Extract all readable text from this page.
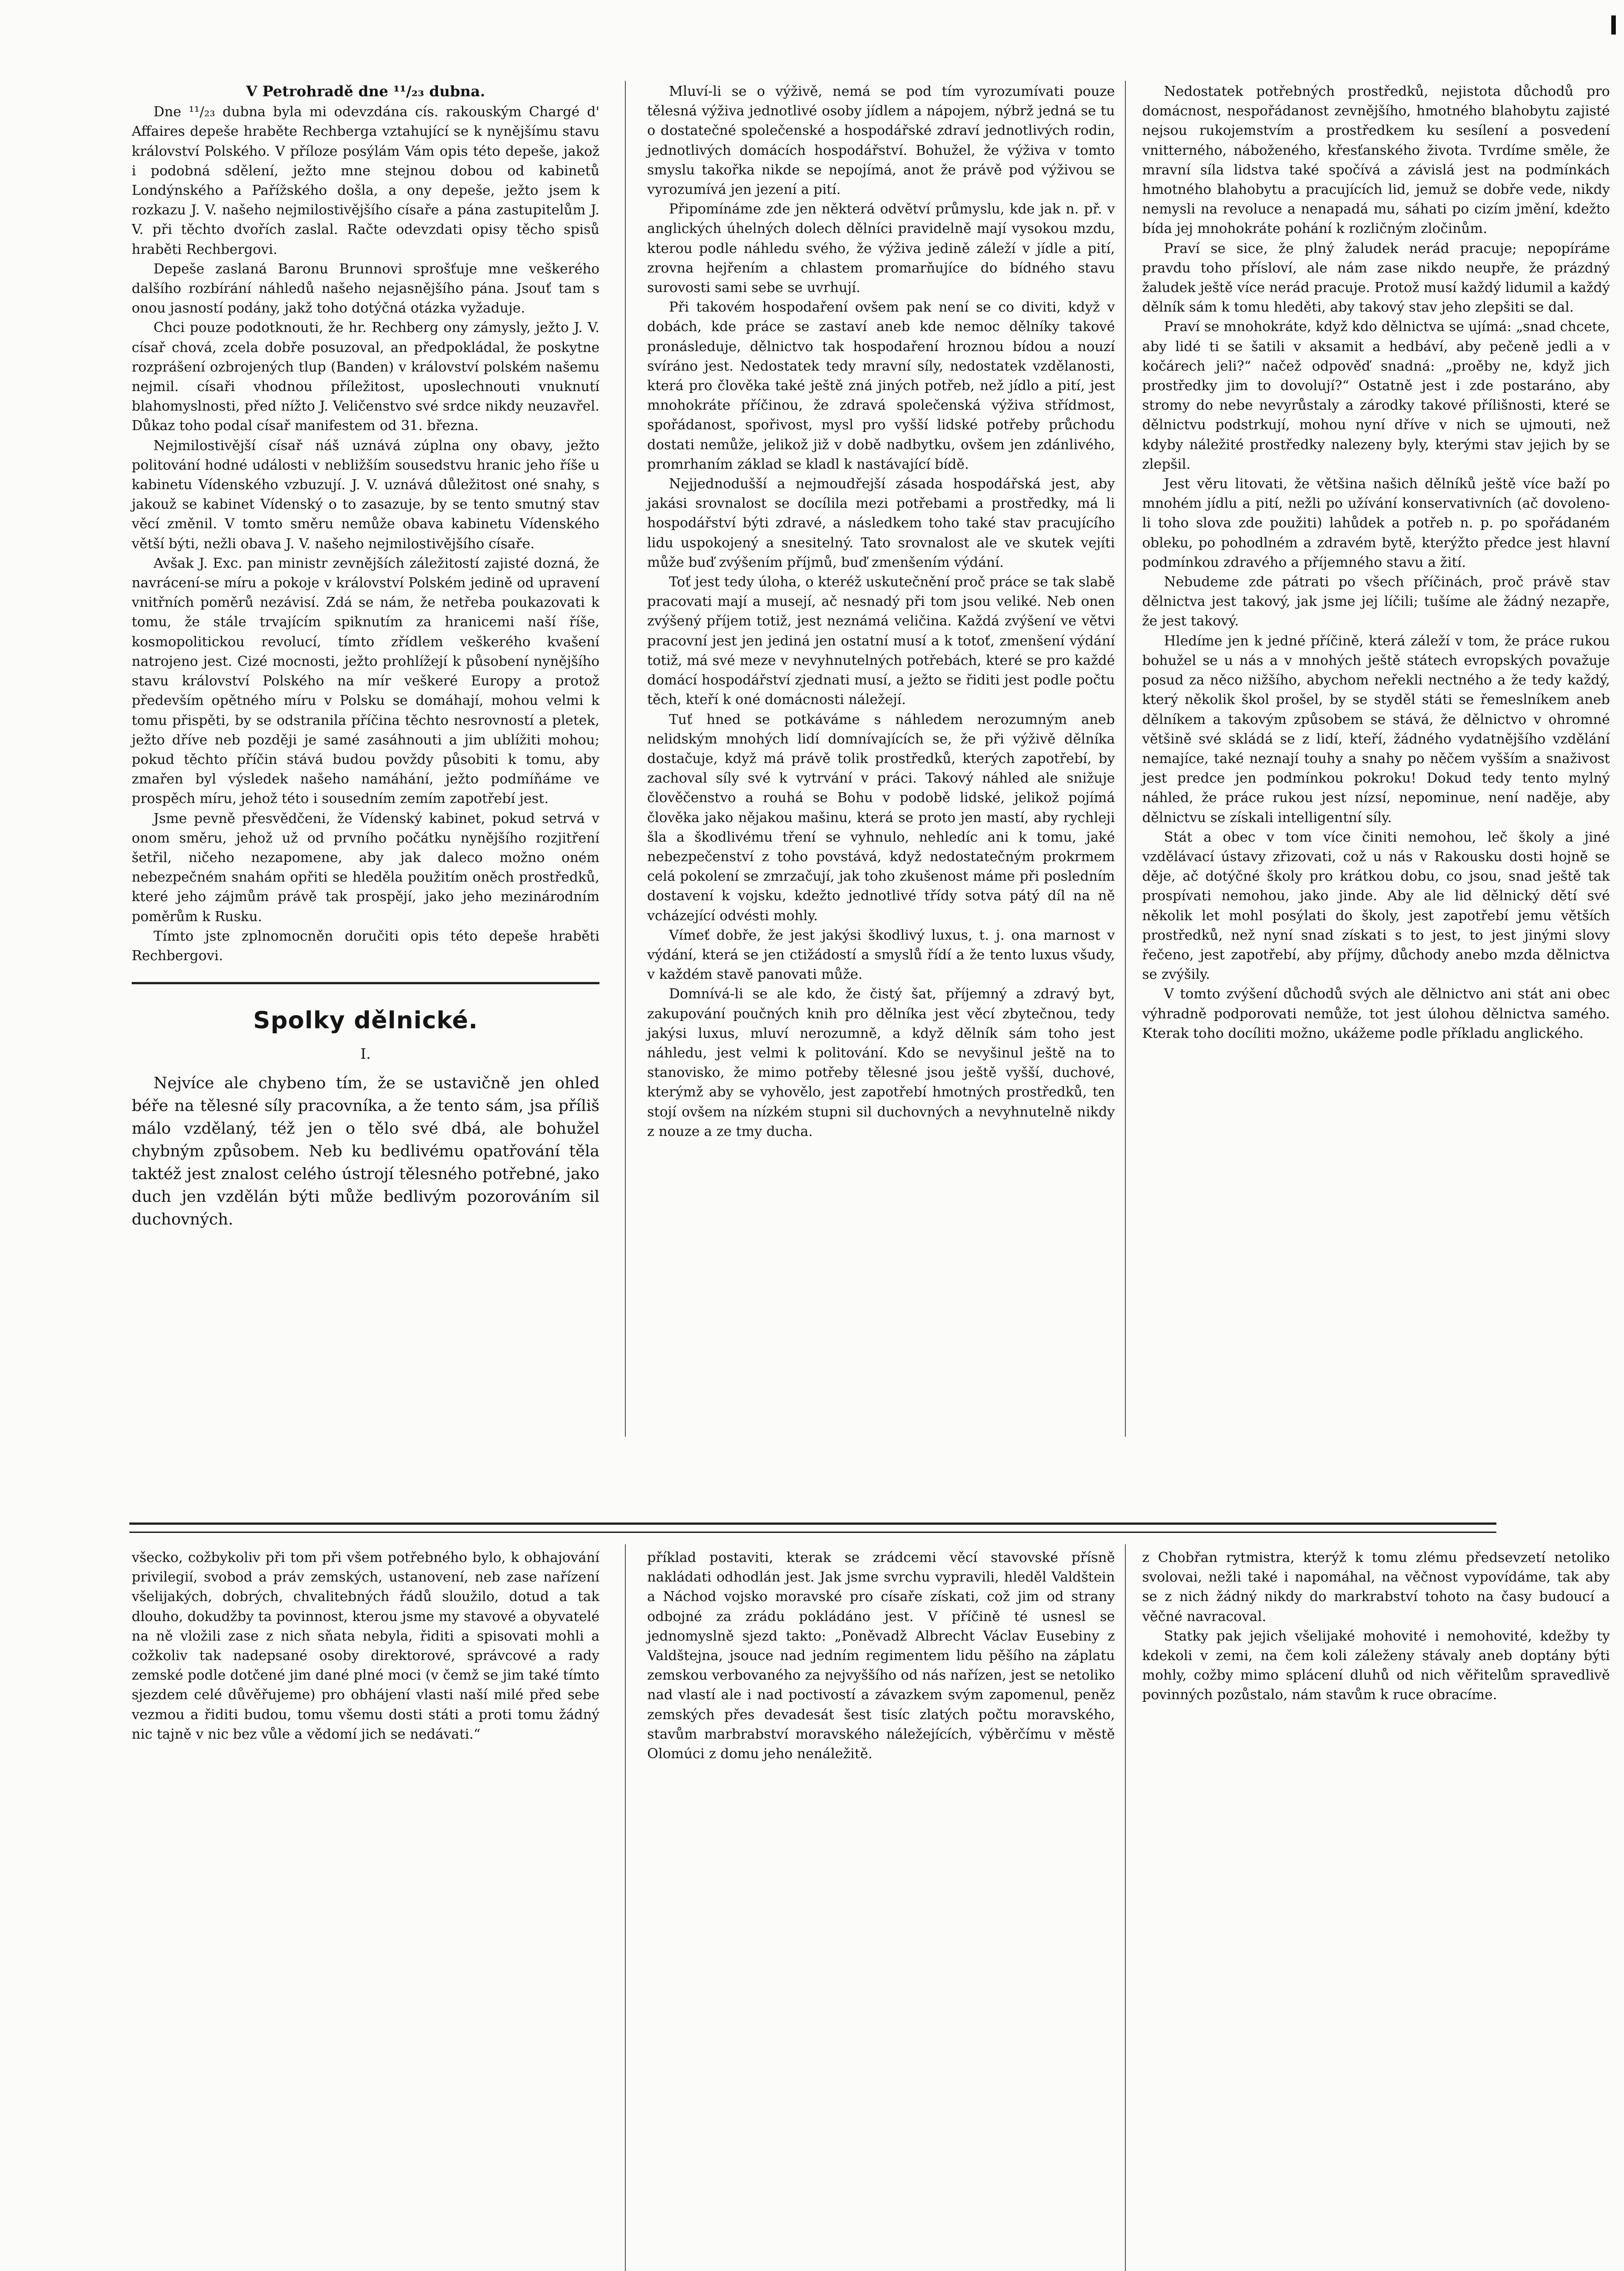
V Petrohradě dne ¹¹/₂₃ dubna.

Dne ¹¹/₂₃ dubna byla mi odevzdána cís. rakouským Chargé d' Affaires depeše hraběte Rechberga vztahující se k nynějšímu stavu království Polského. V příloze posýlám Vám opis této depeše, jakož i podobná sdělení, ježto mne stejnou dobou od kabinetů Londýnského a Pařížského došla, a ony depeše, ježto jsem k rozkazu J. V. našeho nejmilostivějšího císaře a pána zastupitelům J. V. při těchto dvořích zaslal. Račte odevzdati opisy těcho spisů hraběti Rechbergovi.

Depeše zaslaná Baronu Brunnovi sprošťuje mne veškerého dalšího rozbírání náhledů našeho nejasnějšího pána. Jsouť tam s onou jasností podány, jakž toho dotýčná otázka vyžaduje.

Chci pouze podotknouti, že hr. Rechberg ony zámysly, ježto J. V. císař chová, zcela dobře posuzoval, an předpokládal, že poskytne rozprášení ozbrojených tlup (Banden) v království polském našemu nejmil. císaři vhodnou příležitost, uposlechnouti vnuknutí blahomyslnosti, před nížto J. Veličenstvo své srdce nikdy neuzavřel. Důkaz toho podal císař manifestem od 31. března.

Nejmilostivější císař náš uznává zúplna ony obavy, ježto politování hodné události v nebližším sousedstvu hranic jeho říše u kabinetu Vídenského vzbuzují. J. V. uznává důležitost oné snahy, s jakouž se kabinet Vídenský o to zasazuje, by se tento smutný stav věcí změnil. V tomto směru nemůže obava kabinetu Vídenského větší býti, nežli obava J. V. našeho nejmilostivějšího císaře.

Avšak J. Exc. pan ministr zevnějších záležitostí zajisté dozná, že navrácení-se míru a pokoje v království Polském jedině od upravení vnitřních poměrů nezávisí. Zdá se nám, že netřeba poukazovati k tomu, že stále trvajícím spiknutím za hranicemi naší říše, kosmopolitickou revolucí, tímto zřídlem veškerého kvašení natrojeno jest. Cizé mocnosti, ježto prohlížejí k působení nynějšího stavu království Polského na mír veškeré Europy a protož především opětného míru v Polsku se domáhají, mohou velmi k tomu přispěti, by se odstranila příčina těchto nesrovností a pletek, ježto dříve neb později je samé zasáhnouti a jim ublížiti mohou; pokud těchto příčin stává budou povždy působiti k tomu, aby zmařen byl výsledek našeho namáhání, ježto podmíňáme ve prospěch míru, jehož této i sousedním zemím zapotřebí jest.

Jsme pevně přesvědčeni, že Vídenský kabinet, pokud setrvá v onom směru, jehož už od prvního počátku nynějšího rozjitření šetřil, ničeho nezapomene, aby jak daleco možno oném nebezpečném snahám opřiti se hleděla použitím oněch prostředků, které jeho zájmům právě tak prospějí, jako jeho mezinárodním poměrům k Rusku.

Tímto jste zplnomocněn doručiti opis této depeše hraběti Rechbergovi.

Spolky dělnické.
I.

Nejvíce ale chybeno tím, že se ustavičně jen ohled béře na tělesné síly pracovníka, a že tento sám, jsa příliš málo vzdělaný, též jen o tělo své dbá, ale bohužel chybným způsobem. Neb ku bedlivému opatřování těla taktéž jest znalost celého ústrojí tělesného potřebné, jako duch jen vzdělán býti může bedlivým pozorováním sil duchovných.

Mluví-li se o výživě, nemá se pod tím vyrozumívati pouze tělesná výživa jednotlivé osoby jídlem a nápojem, nýbrž jedná se tu o dostatečné společenské a hospodářské zdraví jednotlivých rodin, jednotlivých domácích hospodářství. Bohužel, že výživa v tomto smyslu takořka nikde se nepojímá, anot že právě pod výživou se vyrozumívá jen jezení a pití.

Připomínáme zde jen některá odvětví průmyslu, kde jak n. př. v anglických úhelných dolech dělníci pravidelně mají vysokou mzdu, kterou podle náhledu svého, že výživa jedině záleží v jídle a pití, zrovna hejřením a chlastem promarňujíce do bídného stavu surovosti sami sebe se uvrhují.

Při takovém hospodaření ovšem pak není se co diviti, když v dobách, kde práce se zastaví aneb kde nemoc dělníky takové pronásleduje, dělnictvo tak hospodaření hroznou bídou a nouzí svíráno jest. Nedostatek tedy mravní síly, nedostatek vzdělanosti, která pro člověka také ještě zná jiných potřeb, než jídlo a pití, jest mnohokráte příčinou, že zdravá společenská výživa střídmost, spořádanost, spořivost, mysl pro vyšší lidské potřeby průchodu dostati nemůže, jelikož již v době nadbytku, ovšem jen zdánlivého, promrhaním základ se kladl k nastávající bídě.

Nejjednodušší a nejmoudřejší zásada hospodářská jest, aby jakási srovnalost se docílila mezi potřebami a prostředky, má li hospodářství býti zdravé, a následkem toho také stav pracujícího lidu uspokojený a snesitelný. Tato srovnalost ale ve skutek vejíti může buď zvýšením příjmů, buď zmenšením výdání.

Toť jest tedy úloha, o kteréž uskutečnění proč práce se tak slabě pracovati mají a musejí, ač nesnadý při tom jsou veliké. Neb onen zvýšený příjem totiž, jest neznámá veličina. Každá zvýšení ve větvi pracovní jest jen jediná jen ostatní musí a k totoť, zmenšení výdání totiž, má své meze v nevyhnutelných potřebách, které se pro každé domácí hospodářství zjednati musí, a ježto se řiditi jest podle počtu těch, kteří k oné domácnosti náležejí.

Tuť hned se potkáváme s náhledem nerozumným aneb nelidským mnohých lidí domnívajících se, že při výživě dělníka dostačuje, když má právě tolik prostředků, kterých zapotřebí, by zachoval síly své k vytrvání v práci. Takový náhled ale snižuje člověčenstvo a rouhá se Bohu v podobě lidské, jelikož pojímá člověka jako nějakou mašinu, která se proto jen mastí, aby rychleji šla a škodlivému tření se vyhnulo, nehledíc ani k tomu, jaké nebezpečenství z toho povstává, když nedostatečným prokrmem celá pokolení se zmrzačují, jak toho zkušenost máme při posledním dostavení k vojsku, kdežto jednotlivé třídy sotva pátý díl na ně vcházející odvésti mohly.

Vímeť dobře, že jest jakýsi škodlivý luxus, t. j. ona marnost v výdání, která se jen ctižádostí a smyslů řídí a že tento luxus všudy, v každém stavě panovati může.

Domnívá-li se ale kdo, že čistý šat, příjemný a zdravý byt, zakupování poučných knih pro dělníka jest věcí zbytečnou, tedy jakýsi luxus, mluví nerozumně, a když dělník sám toho jest náhledu, jest velmi k politování. Kdo se nevyšinul ještě na to stanovisko, že mimo potřeby tělesné jsou ještě vyšší, duchové, kterýmž aby se vyhovělo, jest zapotřebí hmotných prostředků, ten stojí ovšem na nízkém stupni sil duchovných a nevyhnutelně nikdy z nouze a ze tmy ducha.

Nedostatek potřebných prostředků, nejistota důchodů pro domácnost, nespořádanost zevnějšího, hmotného blahobytu zajisté nejsou rukojemstvím a prostředkem ku sesílení a posvedení vnitterného, náboženého, křesťanského života. Tvrdíme směle, že mravní síla lidstva také spočívá a závislá jest na podmínkách hmotného blahobytu a pracujících lid, jemuž se dobře vede, nikdy nemysli na revoluce a nenapadá mu, sáhati po cizím jmění, kdežto bída jej mnohokráte pohání k rozličným zločinům.

Praví se sice, že plný žaludek nerád pracuje; nepopíráme pravdu toho přísloví, ale nám zase nikdo neupře, že prázdný žaludek ještě více nerád pracuje. Protož musí každý lidumil a každý dělník sám k tomu hleděti, aby takový stav jeho zlepšiti se dal.

Praví se mnohokráte, když kdo dělnictva se ujímá: „snad chcete, aby lidé ti se šatili v aksamit a hedbáví, aby pečeně jedli a v kočárech jeli?“ načež odpověď snadná: „proěby ne, když jich prostředky jim to dovolují?“ Ostatně jest i zde postaráno, aby stromy do nebe nevyrůstaly a zárodky takové přílišnosti, které se dělnictvu podstrkují, mohou nyní dříve v nich se ujmouti, než kdyby náležité prostředky nalezeny byly, kterými stav jejich by se zlepšil.

Jest věru litovati, že většina našich dělníků ještě více baží po mnohém jídlu a pití, nežli po užívání konservativních (ač dovoleno-li toho slova zde použiti) lahůdek a potřeb n. p. po spořádaném obleku, po pohodlném a zdravém bytě, kterýžto předce jest hlavní podmínkou zdravého a příjemného stavu a žití.

Nebudeme zde pátrati po všech příčinách, proč právě stav dělnictva jest takový, jak jsme jej líčili; tušíme ale žádný nezapře, že jest takový.

Hledíme jen k jedné příčině, která záleží v tom, že práce rukou bohužel se u nás a v mnohých ještě státech evropských považuje posud za něco nižšího, abychom neřekli nectného a že tedy každý, který několik škol prošel, by se styděl státi se řemeslníkem aneb dělníkem a takovým způsobem se stává, že dělnictvo v ohromné většině své skládá se z lidí, kteří, žádného vydatnějšího vzdělání nemajíce, také neznají touhy a snahy po něčem vyšším a snaživost jest predce jen podmínkou pokroku! Dokud tedy tento mylný náhled, že práce rukou jest nízsí, nepominue, není naděje, aby dělnictvu se získali intelligentní síly.

Stát a obec v tom více činiti nemohou, leč školy a jiné vzdělávací ústavy zřizovati, což u nás v Rakousku dosti hojně se děje, ač dotýčné školy pro krátkou dobu, co jsou, snad ještě tak prospívati nemohou, jako jinde. Aby ale lid dělnický dětí své několik let mohl posýlati do školy, jest zapotřebí jemu větších prostředků, než nyní snad získati s to jest, to jest jinými slovy řečeno, jest zapotřebí, aby příjmy, důchody anebo mzda dělnictva se zvýšily.

V tomto zvýšení důchodů svých ale dělnictvo ani stát ani obec výhradně podporovati nemůže, tot jest úlohou dělnictva samého. Kterak toho docíliti možno, ukážeme podle příkladu anglického.

všecko, cožbykoliv při tom při všem potřebného bylo, k obhajování privilegií, svobod a práv zemských, ustanovení, neb zase nařízení všelijakých, dobrých, chvalitebných řádů sloužilo, dotud a tak dlouho, dokudžby ta povinnost, kterou jsme my stavové a obyvatelé na ně vložili zase z nich sňata nebyla, řiditi a spisovati mohli a cožkoliv tak nadepsané osoby direktorové, správcové a rady zemské podle dotčené jim dané plné moci (v čemž se jim také tímto sjezdem celé důvěřujeme) pro obhájení vlasti naší milé před sebe vezmou a řiditi budou, tomu všemu dosti státi a proti tomu žádný nic tajně v nic bez vůle a vědomí jich se nedávati.“

příklad postaviti, kterak se zrádcemi věcí stavovské přísně nakládati odhodlán jest. Jak jsme svrchu vypravili, hleděl Valdštein a Náchod vojsko moravské pro císaře získati, což jim od strany odbojné za zrádu pokládáno jest. V příčině té usnesl se jednomyslně sjezd takto: „Poněvadž Albrecht Václav Eusebiny z Valdštejna, jsouce nad jedním regimentem lidu pěšího na záplatu zemskou verbovaného za nejvyššího od nás nařízen, jest se netoliko nad vlastí ale i nad poctivostí a závazkem svým zapomenul, peněz zemských přes devadesát šest tisíc zlatých počtu moravského, stavům marbrabství moravského náležejících, výběrčímu v městě Olomúci z domu jeho nenáležitě.

z Chobřan rytmistra, kterýž k tomu zlému předsevzetí netoliko svolovai, nežli také i napomáhal, na věčnost vypovídáme, tak aby se z nich žádný nikdy do markrabství tohoto na časy budoucí a věčné navracoval.

Statky pak jejich všelijaké mohovité i nemohovité, kdežby ty kdekoli v zemi, na čem koli záleženy stávaly aneb doptány býti mohly, cožby mimo splácení dluhů od nich věřitelům spravedlivě povinných pozůstalo, nám stavům k ruce obracíme.
